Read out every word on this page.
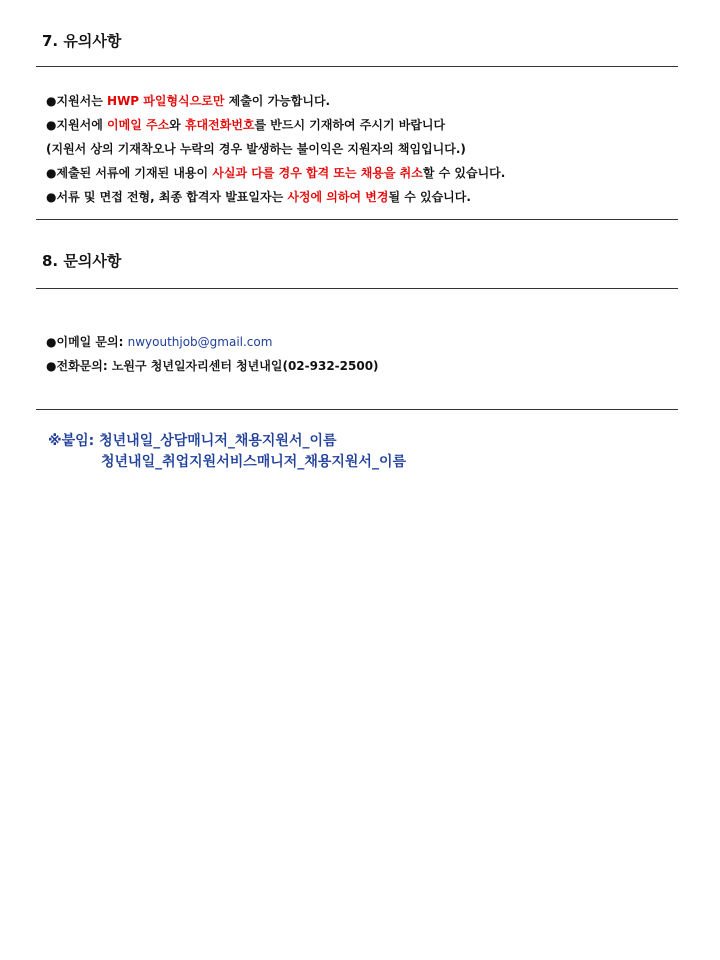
7. 유의사항
●지원서는 HWP 파일형식으로만 제출이 가능합니다.
●지원서에 이메일 주소와 휴대전화번호를 반드시 기재하여 주시기 바랍니다
(지원서 상의 기재착오나 누락의 경우 발생하는 불이익은 지원자의 책임입니다.)
●제출된 서류에 기재된 내용이 사실과 다를 경우 합격 또는 채용을 취소할 수 있습니다.
●서류 및 면접 전형, 최종 합격자 발표일자는 사정에 의하여 변경될 수 있습니다.
8. 문의사항
●이메일 문의: nwyouthjob@gmail.com
●전화문의: 노원구 청년일자리센터 청년내일(02-932-2500)
※붙임: 청년내일_상담매니저_채용지원서_이름
청년내일_취업지원서비스매니저_채용지원서_이름
